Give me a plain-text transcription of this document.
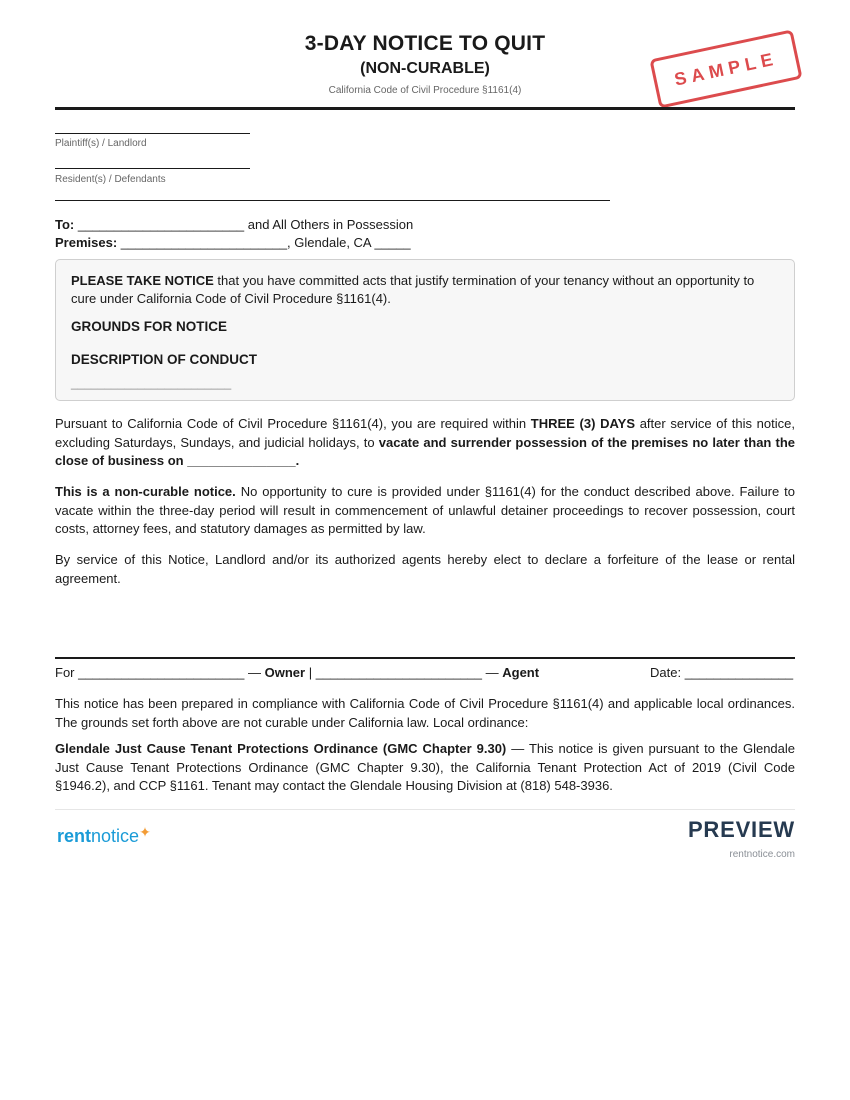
3-DAY NOTICE TO QUIT
(NON-CURABLE)
California Code of Civil Procedure §1161(4)
SAMPLE
Plaintiff(s) / Landlord
Resident(s) / Defendants
To: _______________________ and All Others in Possession
Premises: _______________________, Glendale, CA _____
PLEASE TAKE NOTICE that you have committed acts that justify termination of your tenancy without an opportunity to cure under California Code of Civil Procedure §1161(4).
GROUNDS FOR NOTICE
DESCRIPTION OF CONDUCT
________________________
Pursuant to California Code of Civil Procedure §1161(4), you are required within THREE (3) DAYS after service of this notice, excluding Saturdays, Sundays, and judicial holidays, to vacate and surrender possession of the premises no later than the close of business on _______________.
This is a non-curable notice. No opportunity to cure is provided under §1161(4) for the conduct described above. Failure to vacate within the three-day period will result in commencement of unlawful detainer proceedings to recover possession, court costs, attorney fees, and statutory damages as permitted by law.
By service of this Notice, Landlord and/or its authorized agents hereby elect to declare a forfeiture of the lease or rental agreement.
For _______________________ — Owner | _______________________ — Agent	Date: _______________
This notice has been prepared in compliance with California Code of Civil Procedure §1161(4) and applicable local ordinances. The grounds set forth above are not curable under California law. Local ordinance:
Glendale Just Cause Tenant Protections Ordinance (GMC Chapter 9.30) — This notice is given pursuant to the Glendale Just Cause Tenant Protections Ordinance (GMC Chapter 9.30), the California Tenant Protection Act of 2019 (Civil Code §1946.2), and CCP §1161. Tenant may contact the Glendale Housing Division at (818) 548-3936.
rentnotice✦	PREVIEW
rentnotice.com
